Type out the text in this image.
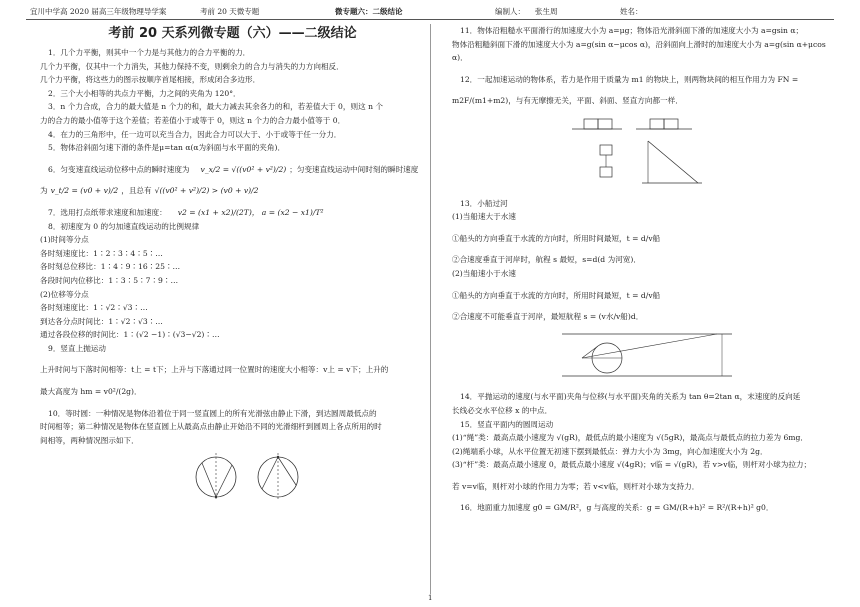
宜川中学高 2020 届高三年级物理导学案	考前 20 天微专题	微专题六：二级结论	编制人： 张生周	姓名：
考前 20 天系列微专题（六）——二级结论

1．几个力平衡，则其中一个力是与其他力的合力平衡的力．

几个力平衡，仅其中一个力消失，其他力保持不变，则剩余力的合力与消失的力方向相反．

几个力平衡，将这些力的图示按顺序首尾相接，形成闭合多边形．

2．三个大小相等的共点力平衡，力之间的夹角为 120°．

3．n 个力合成，合力的最大值是 n 个力的和，最大力减去其余各力的和，若差值大于 0，则这 n 个

力的合力的最小值等于这个差值；若差值小于或等于 0，则这 n 个力的合力最小值等于 0．

4．在力的三角形中，任一边可以充当合力，因此合力可以大于、小于或等于任一分力．

5．物体沿斜面匀速下滑的条件是μ=tan α(α为斜面与水平面的夹角)．

6．匀变速直线运动位移中点的瞬时速度为 v_x/2 = √((v0² + v²)/2) ；匀变速直线运动中间时刻的瞬时速度

为 v_t/2 = (v0 + v)/2 ，且总有 √((v0² + v²)/2) > (v0 + v)/2

7．选用打点纸带求速度和加速度： v2 = (x1 + x2)/(2T)， a = (x2 − x1)/T²

8．初速度为 0 的匀加速直线运动的比例规律

(1)时间等分点

各时刻速度比：1∶2∶3∶4∶5∶…

各时刻总位移比：1∶4∶9∶16∶25∶…

各段时间内位移比：1∶3∶5∶7∶9∶…

(2)位移等分点

各时刻速度比：1∶√2∶√3∶…

到达各分点时间比：1∶√2∶√3∶…

通过各段位移的时间比：1∶(√2 −1)∶(√3−√2)∶…

9．竖直上抛运动

上升时间与下落时间相等：t上 = t下；上升与下落通过同一位置时的速度大小相等：v上 = v下；上升的

最大高度为 hm = v0²/(2g)．

10．等时圆：一种情况是物体沿着位于同一竖直圆上的所有光滑弦由静止下滑，到达圆周最低点的

时间相等；第二种情况是物体在竖直圆上从最高点由静止开始沿不同的光滑细杆到圆周上各点所用的时

间相等，两种情况图示如下．

11．物体沿粗糙水平面滑行的加速度大小为 a=μg；物体沿光滑斜面下滑的加速度大小为 a=gsin α；

物体沿粗糙斜面下滑的加速度大小为 a=g(sin α−μcos α)，沿斜面向上滑时的加速度大小为 a=g(sin α+μcos

α)．

12．一起加速运动的物体系，若力是作用于质量为 m1 的物块上，则两物块间的相互作用力为 FN =

m2F/(m1+m2)，与有无摩擦无关，平面、斜面、竖直方向都一样．

13．小船过河

(1)当船速大于水速

①船头的方向垂直于水流的方向时，所用时间最短，t = d/v船

②合速度垂直于河岸时，航程 s 最短，s=d(d 为河宽)．

(2)当船速小于水速

①船头的方向垂直于水流的方向时，所用时间最短，t = d/v船

②合速度不可能垂直于河岸，最短航程 s = (v水/v船)d．

14．平抛运动的速度(与水平面)夹角与位移(与水平面)夹角的关系为 tan θ=2tan α，末速度的反向延

长线必交水平位移 x 的中点．

15．竖直平面内的圆周运动

(1)“绳”类：最高点最小速度为 √(gR)，最低点的最小速度为 √(5gR)，最高点与最低点的拉力差为 6mg．

(2)绳端系小球，从水平位置无初速下摆到最低点：弹力大小为 3mg，向心加速度大小为 2g．

(3)“杆”类：最高点最小速度 0，最低点最小速度 √(4gR)；v临 = √(gR)，若 v>v临，则杆对小球为拉力；

若 v=v临，则杆对小球的作用力为零；若 v<v临，则杆对小球为支持力．

16．地面重力加速度 g0 = GM/R²，g 与高度的关系：g = GM/(R+h)² = R²/(R+h)² g0．

1
